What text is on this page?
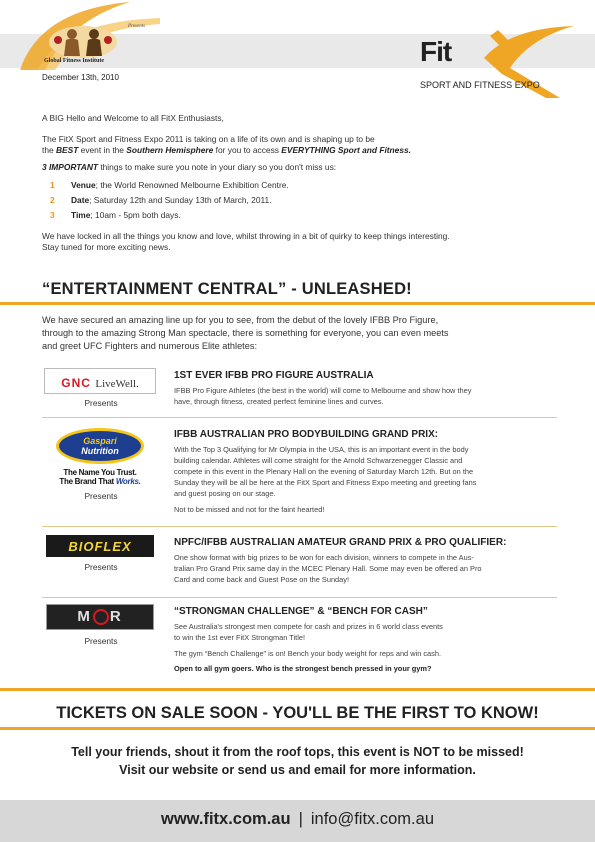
Presents
Global Fitness Institute	Fit
SPORT AND FITNESS EXPO
December 13th, 2010
A BIG Hello and Welcome to all FitX Enthusiasts,
The FitX Sport and Fitness Expo 2011 is taking on a life of its own and is shaping up to be
the BEST event in the Southern Hemisphere for you to access EVERYTHING Sport and Fitness.
3 IMPORTANT things to make sure you note in your diary so you don't miss us:
1 Venue; the World Renowned Melbourne Exhibition Centre.
2 Date; Saturday 12th and Sunday 13th of March, 2011.
3 Time; 10am - 5pm both days.
We have locked in all the things you know and love, whilst throwing in a bit of quirky to keep things interesting.
Stay tuned for more exciting news.
“ENTERTAINMENT CENTRAL” - UNLEASHED!
We have secured an amazing line up for you to see, from the debut of the lovely IFBB Pro Figure,
through to the amazing Strong Man spectacle, there is something for everyone, you can even meets
and greet UFC Fighters and numerous Elite athletes:
GNC LiveWell.
Presents
1ST EVER IFBB PRO FIGURE AUSTRALIA
IFBB Pro Figure Athletes (the best in the world) will come to Melbourne and show how they
have, through fitness, created perfect feminine lines and curves.
Gaspari
Nutrition
The Name You Trust.
The Brand That Works.
Presents
IFBB AUSTRALIAN PRO BODYBUILDING GRAND PRIX:
With the Top 3 Qualifying for Mr Olympia in the USA, this is an important event in the body
building calendar. Athletes will come straight for the Arnold Schwarzenegger Classic and
compete in this event in the Plenary Hall on the evening of Saturday March 12th. But on the
Sunday they will be all be here at the FitX Sport and Fitness Expo meeting and greeting fans
and guest posing on our stage.
Not to be missed and not for the faint hearted!
BIOFLEX
Presents
NPFC/IFBB AUSTRALIAN AMATEUR GRAND PRIX & PRO QUALIFIER:
One show format with big prizes to be won for each division, winners to compete in the Aus-
tralian Pro Grand Prix same day in the MCEC Plenary Hall. Some may even be offered an Pro
Card and come back and Guest Pose on the Sunday!
M R
Presents
“STRONGMAN CHALLENGE” & “BENCH FOR CASH”
See Australia's strongest men compete for cash and prizes in 6 world class events
to win the 1st ever FitX Strongman Title!
The gym “Bench Challenge” is on! Bench your body weight for reps and win cash.
Open to all gym goers. Who is the strongest bench pressed in your gym?
TICKETS ON SALE SOON - YOU'LL BE THE FIRST TO KNOW!
Tell your friends, shout it from the roof tops, this event is NOT to be missed!
Visit our website or send us and email for more information.
www.fitx.com.au | info@fitx.com.au
